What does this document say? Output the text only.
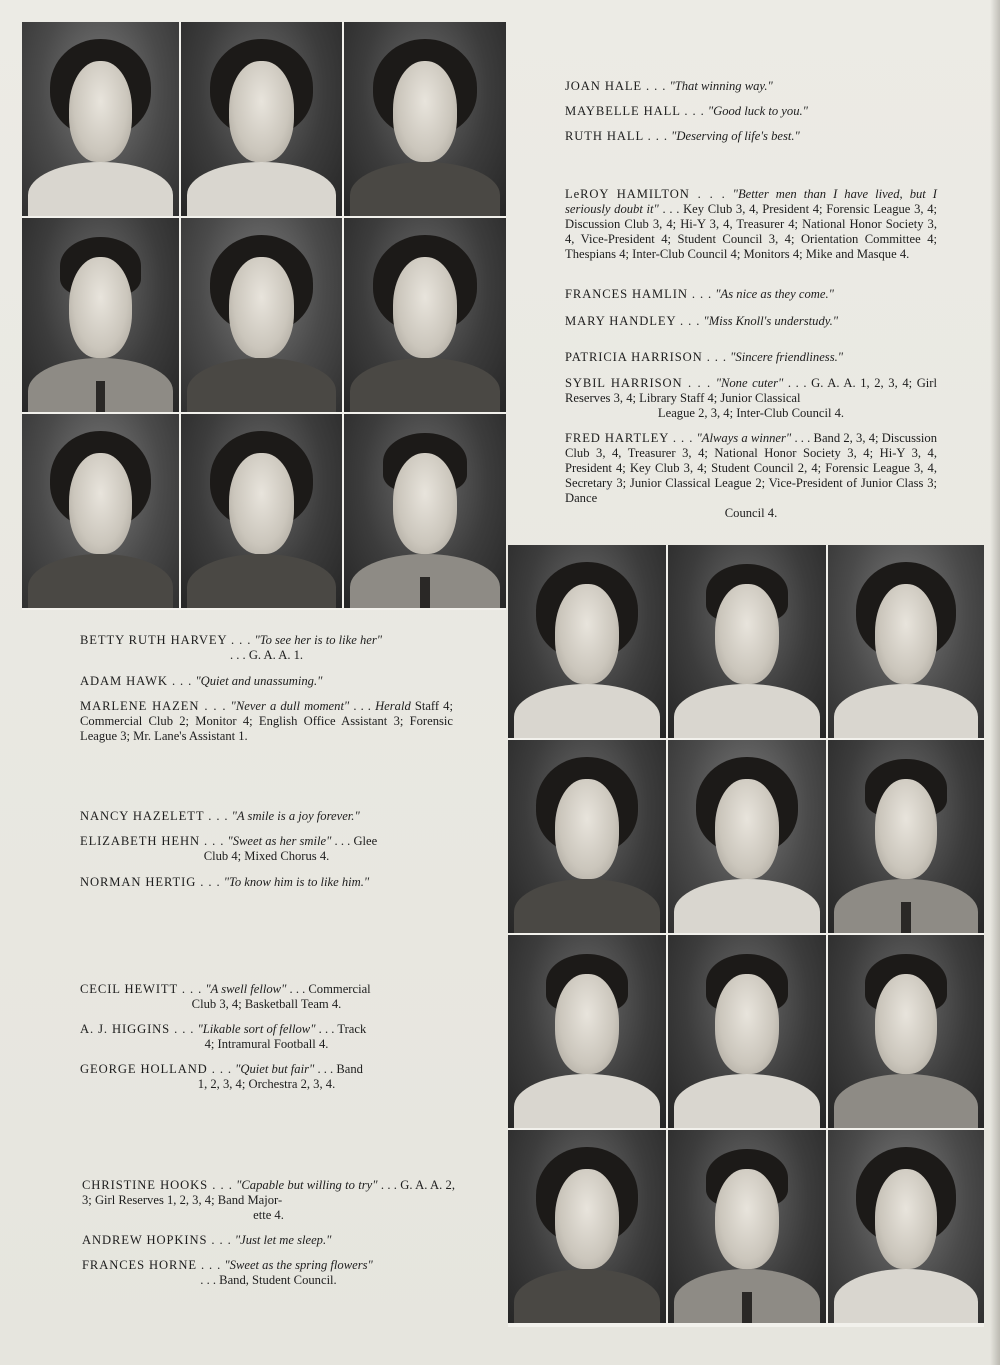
JOAN HALE . . . "That winning way."
MAYBELLE HALL . . . "Good luck to you."
RUTH HALL . . . "Deserving of life's best."
LeROY HAMILTON . . . "Better men than I have lived, but I seriously doubt it" . . . Key Club 3, 4, President 4; Forensic League 3, 4; Discussion Club 3, 4; Hi-Y 3, 4, Treasurer 4; National Honor Society 3, 4, Vice-President 4; Student Council 3, 4; Orientation Committee 4; Thespians 4; Inter-Club Council 4; Monitors 4; Mike and Masque 4.
FRANCES HAMLIN . . . "As nice as they come."
MARY HANDLEY . . . "Miss Knoll's understudy."
PATRICIA HARRISON . . . "Sincere friendliness."

SYBIL HARRISON . . . "None cuter" . . . G. A. A. 1, 2, 3, 4; Girl Reserves 3, 4; Library Staff 4; Junior Classical

League 2, 3, 4; Inter-Club Council 4.

FRED HARTLEY . . . "Always a winner" . . . Band 2, 3, 4; Discussion Club 3, 4, Treasurer 3, 4; National Honor Society 3, 4; Hi-Y 3, 4, President 4; Key Club 3, 4; Student Council 2, 4; Forensic League 3, 4, Secretary 3; Junior Classical League 2; Vice-President of Junior Class 3; Dance

Council 4.

BETTY RUTH HARVEY . . . "To see her is to like her"

. . . G. A. A. 1.

ADAM HAWK . . . "Quiet and unassuming."
MARLENE HAZEN . . . "Never a dull moment" . . . Herald Staff 4; Commercial Club 2; Monitor 4; English Office Assistant 3; Forensic League 3; Mr. Lane's Assistant 1.
NANCY HAZELETT . . . "A smile is a joy forever."

ELIZABETH HEHN . . . "Sweet as her smile" . . . Glee

Club 4; Mixed Chorus 4.

NORMAN HERTIG . . . "To know him is to like him."

CECIL HEWITT . . . "A swell fellow" . . . Commercial

Club 3, 4; Basketball Team 4.

A. J. HIGGINS . . . "Likable sort of fellow" . . . Track

4; Intramural Football 4.

GEORGE HOLLAND . . . "Quiet but fair" . . . Band

1, 2, 3, 4; Orchestra 2, 3, 4.

CHRISTINE HOOKS . . . "Capable but willing to try" . . . G. A. A. 2, 3; Girl Reserves 1, 2, 3, 4; Band Major-

ette 4.

ANDREW HOPKINS . . . "Just let me sleep."

FRANCES HORNE . . . "Sweet as the spring flowers"

. . . Band, Student Council.
